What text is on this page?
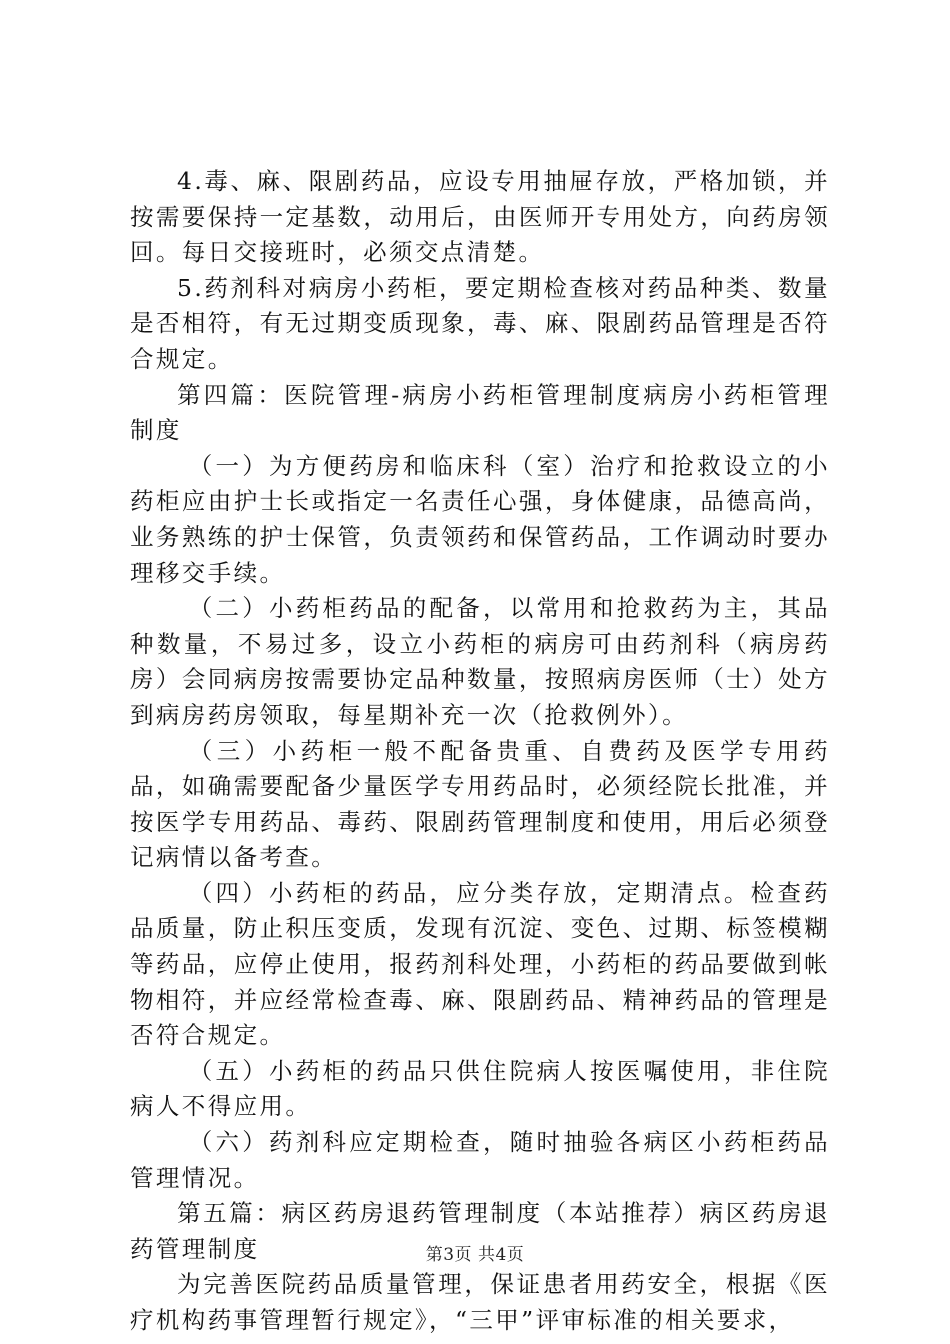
4.毒、麻、限剧药品，应设专用抽屉存放，严格加锁，并按需要保持一定基数，动用后，由医师开专用处方，向药房领回。每日交接班时，必须交点清楚。

5.药剂科对病房小药柜，要定期检查核对药品种类、数量是否相符，有无过期变质现象，毒、麻、限剧药品管理是否符合规定。

第四篇：医院管理-病房小药柜管理制度病房小药柜管理制度

（一）为方便药房和临床科（室）治疗和抢救设立的小药柜应由护士长或指定一名责任心强，身体健康，品德高尚，业务熟练的护士保管，负责领药和保管药品，工作调动时要办理移交手续。

（二）小药柜药品的配备，以常用和抢救药为主，其品种数量，不易过多，设立小药柜的病房可由药剂科（病房药房）会同病房按需要协定品种数量，按照病房医师（士）处方到病房药房领取，每星期补充一次（抢救例外）。

（三）小药柜一般不配备贵重、自费药及医学专用药品，如确需要配备少量医学专用药品时，必须经院长批准，并按医学专用药品、毒药、限剧药管理制度和使用，用后必须登记病情以备考查。

（四）小药柜的药品，应分类存放，定期清点。检查药品质量，防止积压变质，发现有沉淀、变色、过期、标签模糊等药品，应停止使用，报药剂科处理，小药柜的药品要做到帐物相符，并应经常检查毒、麻、限剧药品、精神药品的管理是否符合规定。

（五）小药柜的药品只供住院病人按医嘱使用，非住院病人不得应用。

（六）药剂科应定期检查，随时抽验各病区小药柜药品管理情况。

第五篇：病区药房退药管理制度（本站推荐）病区药房退药管理制度

为完善医院药品质量管理，保证患者用药安全，根据《医疗机构药事管理暂行规定》，“三甲”评审标准的相关要求，

第3页 共4页
